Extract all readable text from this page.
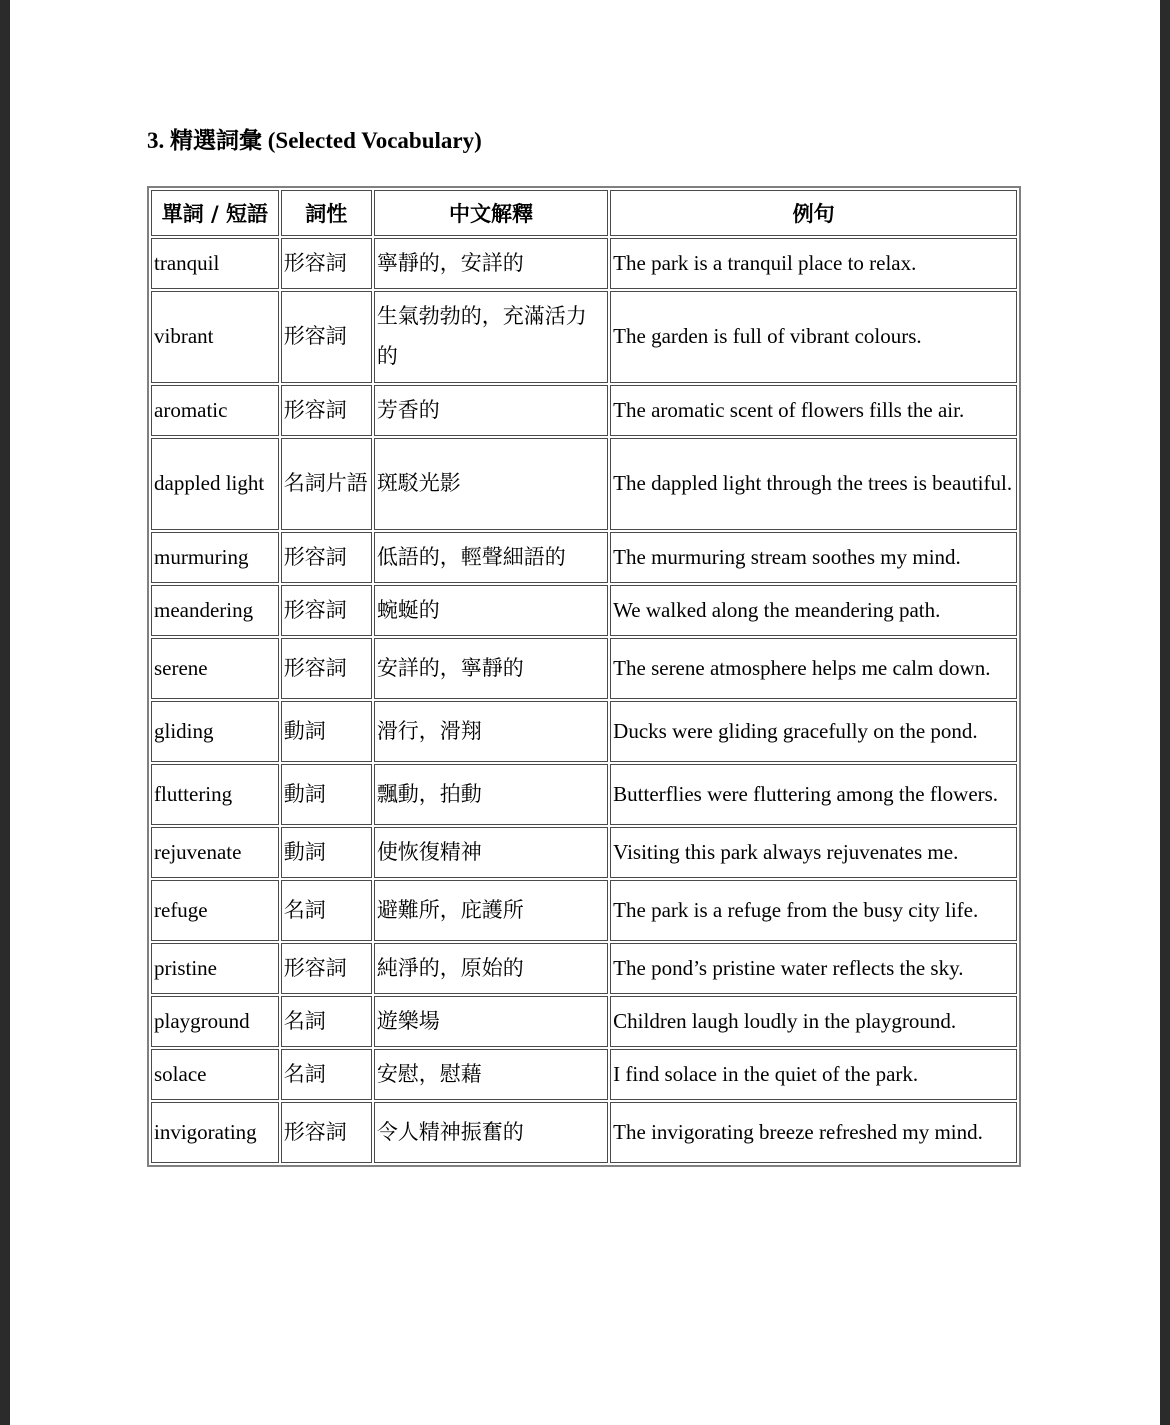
3. 精選詞彙 (Selected Vocabulary)
單詞 / 短語	詞性	中文解釋	例句
tranquil	形容詞	寧靜的，安詳的	The park is a tranquil place to relax.
vibrant	形容詞	生氣勃勃的，充滿活力的	The garden is full of vibrant colours.
aromatic	形容詞	芳香的	The aromatic scent of flowers fills the air.
dappled light	名詞片語	斑駁光影	The dappled light through the trees is beautiful.
murmuring	形容詞	低語的，輕聲細語的	The murmuring stream soothes my mind.
meandering	形容詞	蜿蜒的	We walked along the meandering path.
serene	形容詞	安詳的，寧靜的	The serene atmosphere helps me calm down.
gliding	動詞	滑行，滑翔	Ducks were gliding gracefully on the pond.
fluttering	動詞	飄動，拍動	Butterflies were fluttering among the flowers.
rejuvenate	動詞	使恢復精神	Visiting this park always rejuvenates me.
refuge	名詞	避難所，庇護所	The park is a refuge from the busy city life.
pristine	形容詞	純淨的，原始的	The pond’s pristine water reflects the sky.
playground	名詞	遊樂場	Children laugh loudly in the playground.
solace	名詞	安慰，慰藉	I find solace in the quiet of the park.
invigorating	形容詞	令人精神振奮的	The invigorating breeze refreshed my mind.
